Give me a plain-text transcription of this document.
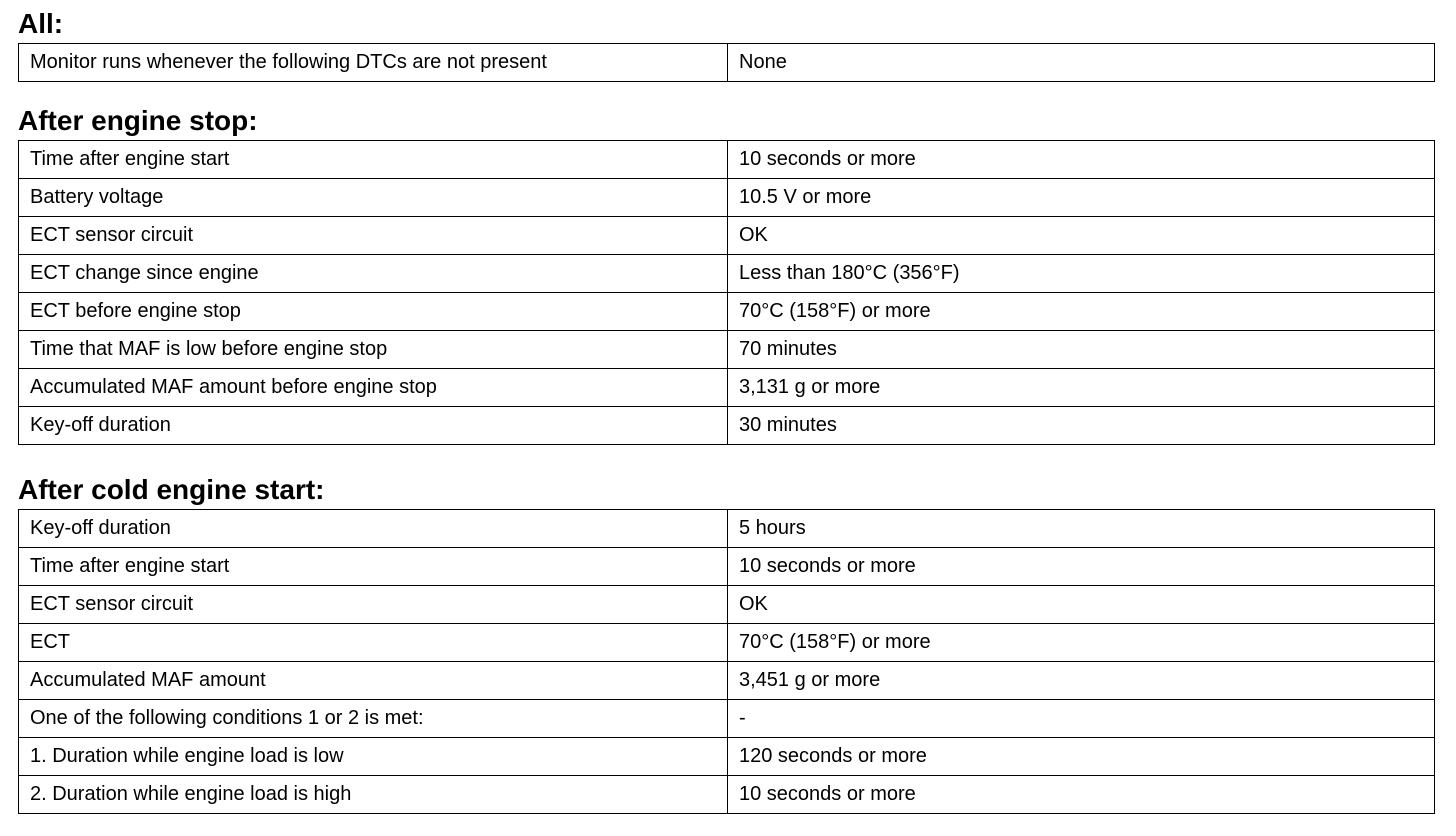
All:
Monitor runs whenever the following DTCs are not present	None
After engine stop:
Time after engine start	10 seconds or more
Battery voltage	10.5 V or more
ECT sensor circuit	OK
ECT change since engine	Less than 180°C (356°F)
ECT before engine stop	70°C (158°F) or more
Time that MAF is low before engine stop	70 minutes
Accumulated MAF amount before engine stop	3,131 g or more
Key-off duration	30 minutes
After cold engine start:
Key-off duration	5 hours
Time after engine start	10 seconds or more
ECT sensor circuit	OK
ECT	70°C (158°F) or more
Accumulated MAF amount	3,451 g or more
One of the following conditions 1 or 2 is met:	-
1. Duration while engine load is low	120 seconds or more
2. Duration while engine load is high	10 seconds or more
